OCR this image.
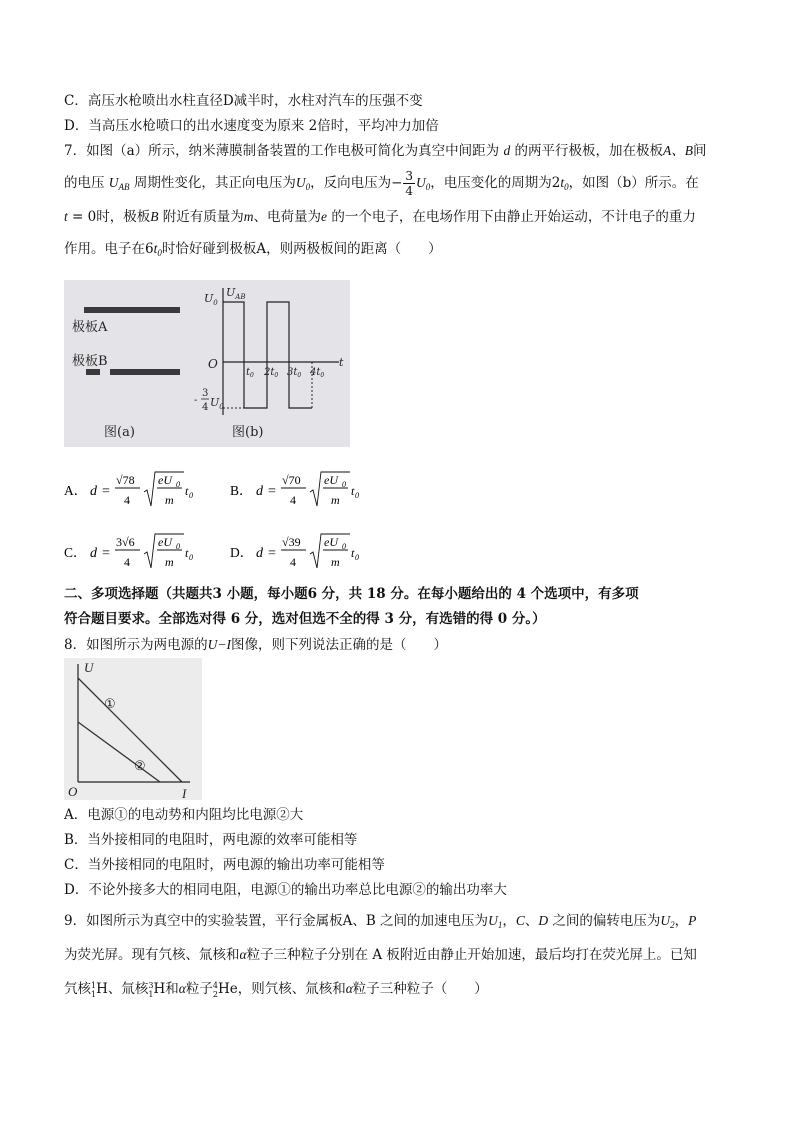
C．高压水枪喷出水柱直径D减半时，水柱对汽车的压强不变
D．当高压水枪喷口的出水速度变为原来 2倍时，平均冲力加倍
7．如图（a）所示，纳米薄膜制备装置的工作电极可简化为真空中间距为 d 的两平行极板，加在极板A、B间
的电压 $U_{AB}$ 周期性变化，其正向电压为$U_0$，反向电压为− $\frac{3}{4} U_0$，电压变化的周期为$2t_0$，如图（b）所示。在
t = 0时，极板B 附近有质量为m、电荷量为e 的一个电子，在电场作用下由静止开始运动，不计电子的重力
作用。电子在$6t_0$时恰好碰到极板A，则两极板间的距离（　　）
极板A
极板B
图(a)	图(b)
$U_{AB}$
$U_0$
O	t
3
4
- $U_0$
$t_0$ $2t_0$ $3t_0$ $4t_0$
A． d =
√78
4
eU 0
m
t 0	B． d =
√70
4
eU 0
m
t 0
C． d =
3√6
4
eU 0
m
t 0	D． d =
√39
4
eU 0
m
t 0
二、多项选择题（共题共3 小题，每小题6 分，共 18 分。在每小题给出的 4 个选项中，有多项
符合题目要求。全部选对得 6 分，选对但选不全的得 3 分，有选错的得 0 分。）
8．如图所示为两电源的U−I图像，则下列说法正确的是（　　）
U
O	I
①
②
A．电源①的电动势和内阻均比电源②大
B．当外接相同的电阻时，两电源的效率可能相等
C．当外接相同的电阻时，两电源的输出功率可能相等
D．不论外接多大的相同电阻，电源①的输出功率总比电源②的输出功率大
9．如图所示为真空中的实验装置，平行金属板A、B 之间的加速电压为$U_1$，C、D 之间的偏转电压为$U_2$，P
为荧光屏。现有氕核、氚核和α粒子三种粒子分别在 A 板附近由静止开始加速，最后均打在荧光屏上。已知
氕核 1
1 H、氚核 3
1 H和α粒子 4
2 He，则氕核、氚核和α粒子三种粒子（　　）
